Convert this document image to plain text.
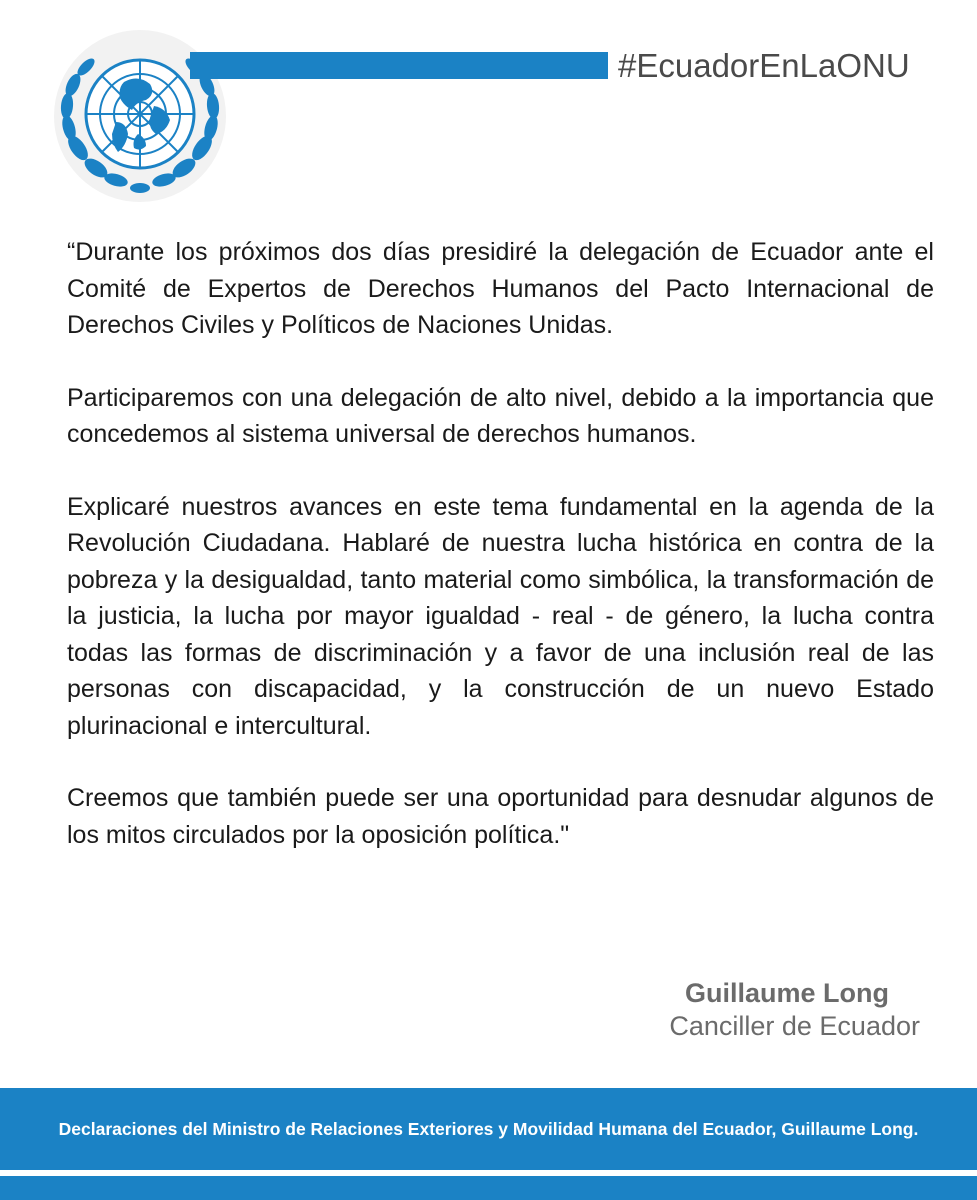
#EcuadorEnLaONU

“Durante los próximos dos días presidiré la delegación de Ecuador ante el Comité de Expertos de Derechos Humanos del Pacto Internacional de Derechos Civiles y Políticos de Naciones Unidas.

Participaremos con una delegación de alto nivel, debido a la importancia que concedemos al sistema universal de derechos humanos.

Explicaré nuestros avances en este tema fundamental en la agenda de la Revolución Ciudadana. Hablaré de nuestra lucha histórica en contra de la pobreza y la desigualdad, tanto material como simbólica, la transformación de la justicia, la lucha por mayor igualdad - real - de género, la lucha contra todas las formas de discriminación y a favor de una inclusión real de las personas con discapacidad, y la construcción de un nuevo Estado plurinacional e intercultural.

Creemos que también puede ser una oportunidad para desnudar algunos de los mitos circulados por la oposición política."

Guillaume Long
Canciller de Ecuador
Declaraciones del Ministro de Relaciones Exteriores y Movilidad Humana del Ecuador, Guillaume Long.
